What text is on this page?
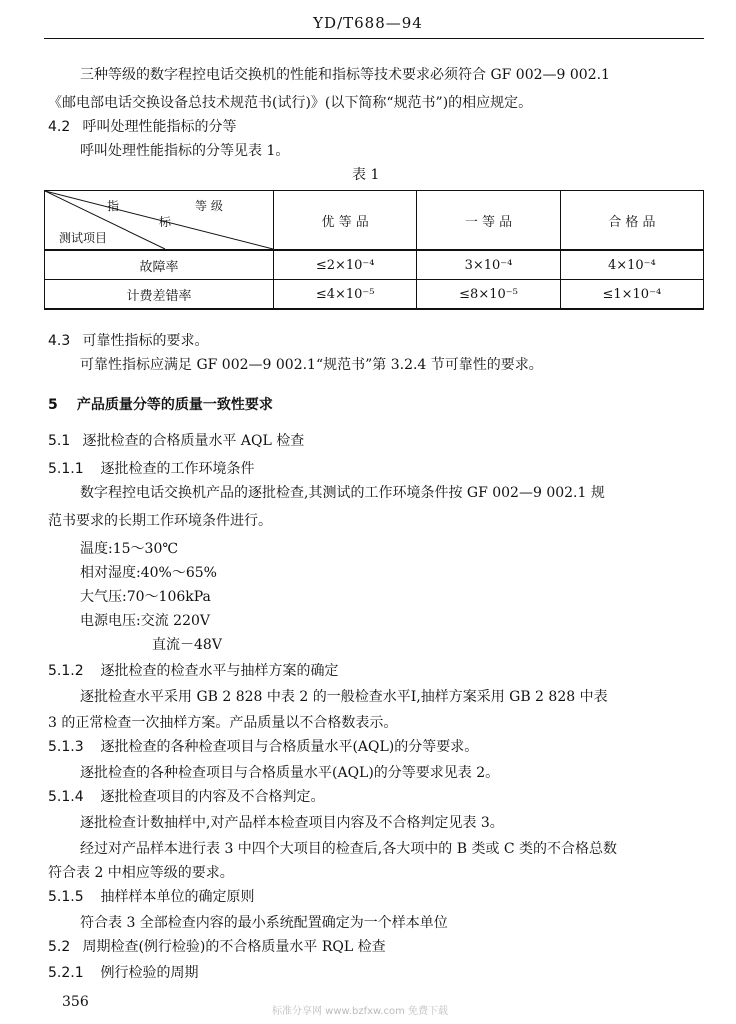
YD/T688—94
三种等级的数字程控电话交换机的性能和指标等技术要求必须符合 GF 002—9 002.1
《邮电部电话交换设备总技术规范书(试行)》(以下简称“规范书”)的相应规定。
4.2 呼叫处理性能指标的分等
呼叫处理性能指标的分等见表 1。
表 1
等 级
指
标
测试项目	优 等 品	一 等 品	合 格 品
故障率	≤2×10⁻⁴	3×10⁻⁴	4×10⁻⁴
计费差错率	≤4×10⁻⁵	≤8×10⁻⁵	≤1×10⁻⁴
4.3 可靠性指标的要求。
可靠性指标应满足 GF 002—9 002.1“规范书”第 3.2.4 节可靠性的要求。
5 产品质量分等的质量一致性要求
5.1 逐批检查的合格质量水平 AQL 检查
5.1.1 逐批检查的工作环境条件
数字程控电话交换机产品的逐批检查,其测试的工作环境条件按 GF 002—9 002.1 规
范书要求的长期工作环境条件进行。
温度:15～30℃
相对湿度:40%～65%
大气压:70～106kPa
电源电压:交流 220V
直流－48V
5.1.2 逐批检查的检查水平与抽样方案的确定
逐批检查水平采用 GB 2 828 中表 2 的一般检查水平Ⅰ,抽样方案采用 GB 2 828 中表
3 的正常检查一次抽样方案。产品质量以不合格数表示。
5.1.3 逐批检查的各种检查项目与合格质量水平(AQL)的分等要求。
逐批检查的各种检查项目与合格质量水平(AQL)的分等要求见表 2。
5.1.4 逐批检查项目的内容及不合格判定。
逐批检查计数抽样中,对产品样本检查项目内容及不合格判定见表 3。
经过对产品样本进行表 3 中四个大项目的检查后,各大项中的 B 类或 C 类的不合格总数
符合表 2 中相应等级的要求。
5.1.5 抽样样本单位的确定原则
符合表 3 全部检查内容的最小系统配置确定为一个样本单位
5.2 周期检查(例行检验)的不合格质量水平 RQL 检查
5.2.1 例行检验的周期
356
标准分享网 www.bzfxw.com 免费下载
